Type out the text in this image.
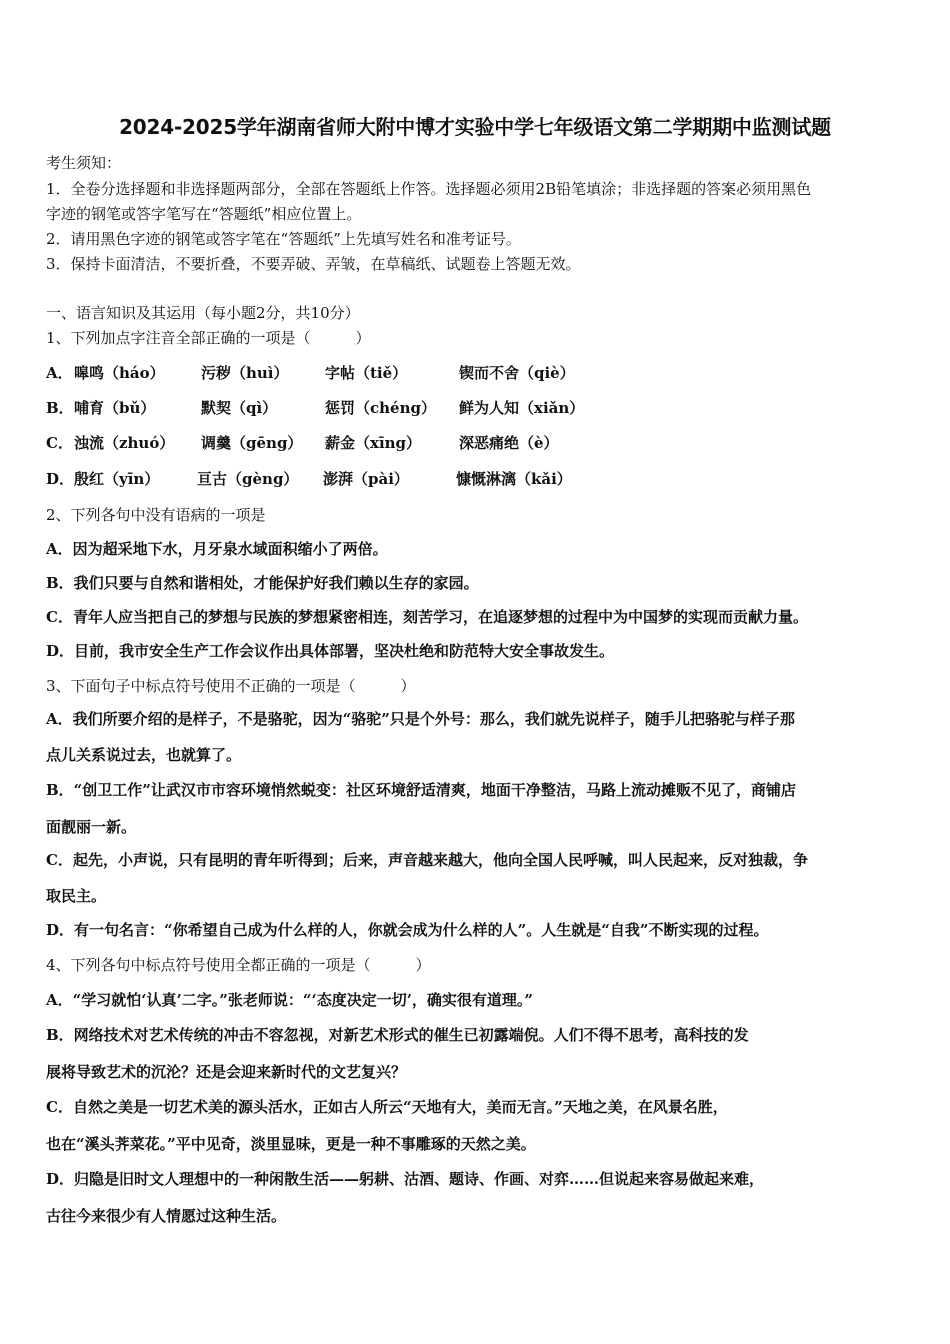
2024-2025学年湖南省师大附中博才实验中学七年级语文第二学期期中监测试题
考生须知：
1．全卷分选择题和非选择题两部分，全部在答题纸上作答。选择题必须用2B铅笔填涂；非选择题的答案必须用黑色
字迹的钢笔或答字笔写在“答题纸”相应位置上。
2．请用黑色字迹的钢笔或答字笔在“答题纸”上先填写姓名和准考证号。
3．保持卡面清洁，不要折叠，不要弄破、弄皱，在草稿纸、试题卷上答题无效。
一、语言知识及其运用（每小题2分，共10分）
1、下列加点字注音全部正确的一项是（　　　）
A．嗥鸣（háo） 污秽（huì） 字帖（tiě）	锲而不舍（qiè）
B．哺育（bǔ）	默契（qì）	惩罚（chéng） 鲜为人知（xiǎn）
C．浊流（zhuó） 调羹（gēng） 薪金（xīng）	深恶痛绝（è）
D．殷红（yīn）	亘古（gèng） 澎湃（pài）	慷慨淋漓（kǎi）
2、下列各句中没有语病的一项是
A．因为超采地下水，月牙泉水域面积缩小了两倍。
B．我们只要与自然和谐相处，才能保护好我们赖以生存的家园。
C．青年人应当把自己的梦想与民族的梦想紧密相连，刻苦学习，在追逐梦想的过程中为中国梦的实现而贡献力量。
D．目前，我市安全生产工作会议作出具体部署，坚决杜绝和防范特大安全事故发生。
3、下面句子中标点符号使用不正确的一项是（　　　）
A．我们所要介绍的是样子，不是骆驼，因为“骆驼”只是个外号：那么，我们就先说样子，随手儿把骆驼与样子那
点儿关系说过去，也就算了。
B．“创卫工作”让武汉市市容环境悄然蜕变：社区环境舒适清爽，地面干净整洁，马路上流动摊贩不见了，商铺店
面靓丽一新。
C．起先，小声说，只有昆明的青年听得到；后来，声音越来越大，他向全国人民呼喊，叫人民起来，反对独裁，争
取民主。
D．有一句名言：“你希望自己成为什么样的人，你就会成为什么样的人”。人生就是“自我”不断实现的过程。
4、下列各句中标点符号使用全都正确的一项是（　　　）
A．“学习就怕‘认真’二字。”张老师说：“‘态度决定一切’，确实很有道理。”
B．网络技术对艺术传统的冲击不容忽视，对新艺术形式的催生已初露端倪。人们不得不思考，高科技的发
展将导致艺术的沉沦？还是会迎来新时代的文艺复兴？
C．自然之美是一切艺术美的源头活水，正如古人所云“天地有大，美而无言。”天地之美，在风景名胜，
也在“溪头荠菜花。”平中见奇，淡里显味，更是一种不事雕琢的天然之美。
D．归隐是旧时文人理想中的一种闲散生活——躬耕、沽酒、题诗、作画、对弈……但说起来容易做起来难，
古往今来很少有人情愿过这种生活。
